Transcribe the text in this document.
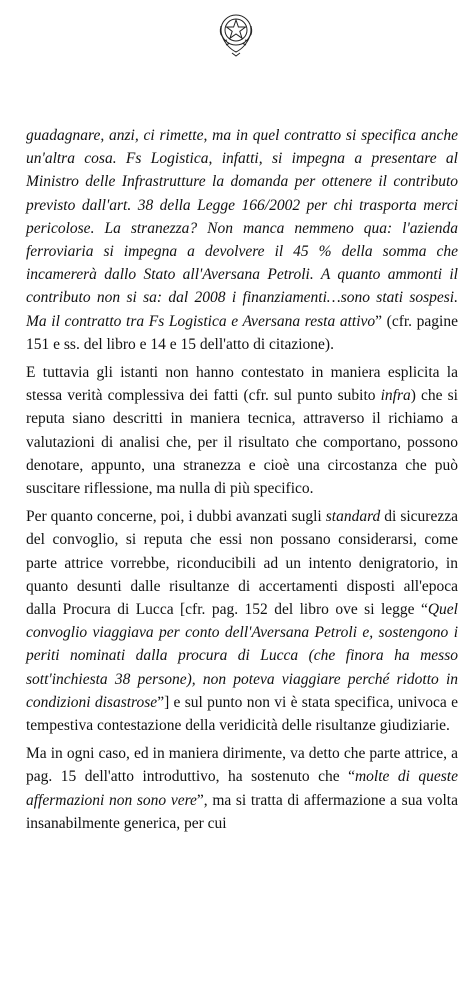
guadagnare, anzi, ci rimette, ma in quel contratto si specifica anche un'altra cosa. Fs Logistica, infatti, si impegna a presentare al Ministro delle Infrastrutture la domanda per ottenere il contributo previsto dall'art. 38 della Legge 166/2002 per chi trasporta merci pericolose. La stranezza? Non manca nemmeno qua: l'azienda ferroviaria si impegna a devolvere il 45 % della somma che incamererà dallo Stato all'Aversana Petroli. A quanto ammonti il contributo non si sa: dal 2008 i finanziamenti…sono stati sospesi. Ma il contratto tra Fs Logistica e Aversana resta attivo” (cfr. pagine 151 e ss. del libro e 14 e 15 dell'atto di citazione).

E tuttavia gli istanti non hanno contestato in maniera esplicita la stessa verità complessiva dei fatti (cfr. sul punto subito infra) che si reputa siano descritti in maniera tecnica, attraverso il richiamo a valutazioni di analisi che, per il risultato che comportano, possono denotare, appunto, una stranezza e cioè una circostanza che può suscitare riflessione, ma nulla di più specifico.

Per quanto concerne, poi, i dubbi avanzati sugli standard di sicurezza del convoglio, si reputa che essi non possano considerarsi, come parte attrice vorrebbe, riconducibili ad un intento denigratorio, in quanto desunti dalle risultanze di accertamenti disposti all'epoca dalla Procura di Lucca [cfr. pag. 152 del libro ove si legge “Quel convoglio viaggiava per conto dell'Aversana Petroli e, sostengono i periti nominati dalla procura di Lucca (che finora ha messo sott'inchiesta 38 persone), non poteva viaggiare perché ridotto in condizioni disastrose”] e sul punto non vi è stata specifica, univoca e tempestiva contestazione della veridicità delle risultanze giudiziarie.

Ma in ogni caso, ed in maniera dirimente, va detto che parte attrice, a pag. 15 dell'atto introduttivo, ha sostenuto che “molte di queste affermazioni non sono vere”, ma si tratta di affermazione a sua volta insanabilmente generica, per cui
